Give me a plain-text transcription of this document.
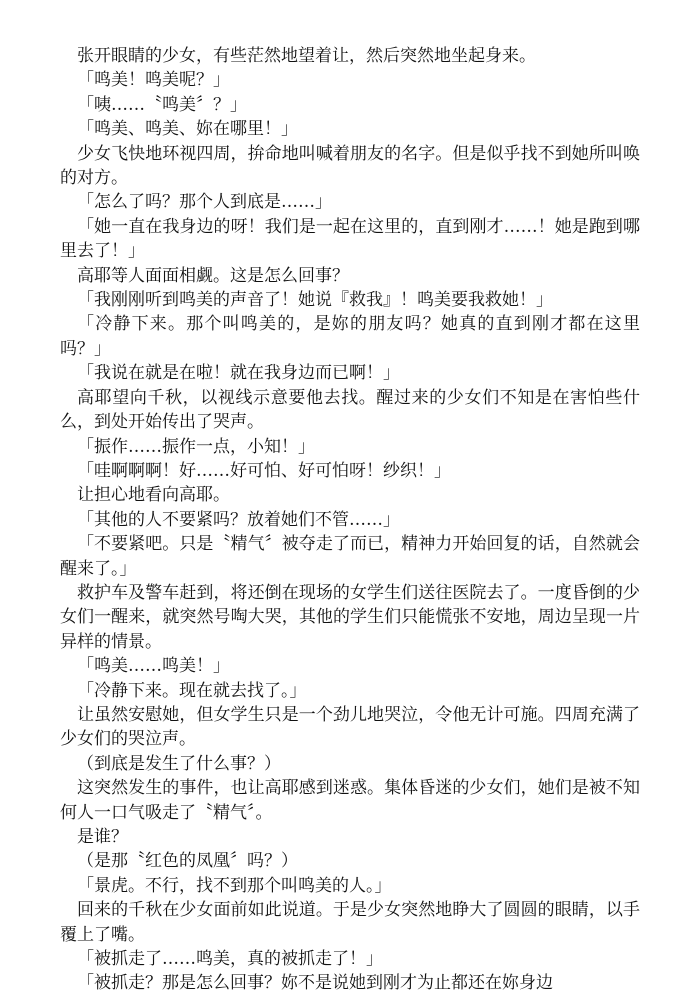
张开眼睛的少女，有些茫然地望着让，然后突然地坐起身来。

「鸣美！鸣美呢？」

「咦……〝鸣美〞？」

「鸣美、鸣美、妳在哪里！」

少女飞快地环视四周，拚命地叫喊着朋友的名字。但是似乎找不到她所叫唤的对方。

「怎么了吗？那个人到底是……」

「她一直在我身边的呀！我们是一起在这里的，直到刚才……！她是跑到哪里去了！」

高耶等人面面相觑。这是怎么回事？

「我刚刚听到鸣美的声音了！她说『救我』！鸣美要我救她！」

「冷静下来。那个叫鸣美的，是妳的朋友吗？她真的直到刚才都在这里吗？」

「我说在就是在啦！就在我身边而已啊！」

高耶望向千秋，以视线示意要他去找。醒过来的少女们不知是在害怕些什么，到处开始传出了哭声。

「振作……振作一点，小知！」

「哇啊啊啊！好……好可怕、好可怕呀！纱织！」

让担心地看向高耶。

「其他的人不要紧吗？放着她们不管……」

「不要紧吧。只是〝精气〞被夺走了而已，精神力开始回复的话，自然就会醒来了。」

救护车及警车赶到，将还倒在现场的女学生们送往医院去了。一度昏倒的少女们一醒来，就突然号啕大哭，其他的学生们只能慌张不安地，周边呈现一片异样的情景。

「鸣美……鸣美！」

「冷静下来。现在就去找了。」

让虽然安慰她，但女学生只是一个劲儿地哭泣，令他无计可施。四周充满了少女们的哭泣声。

（到底是发生了什么事？）

这突然发生的事件，也让高耶感到迷惑。集体昏迷的少女们，她们是被不知何人一口气吸走了〝精气〞。

是谁？

（是那〝红色的凤凰〞吗？）

「景虎。不行，找不到那个叫鸣美的人。」

回来的千秋在少女面前如此说道。于是少女突然地睁大了圆圆的眼睛，以手覆上了嘴。

「被抓走了……鸣美，真的被抓走了！」

「被抓走？那是怎么回事？妳不是说她到刚才为止都还在妳身边
